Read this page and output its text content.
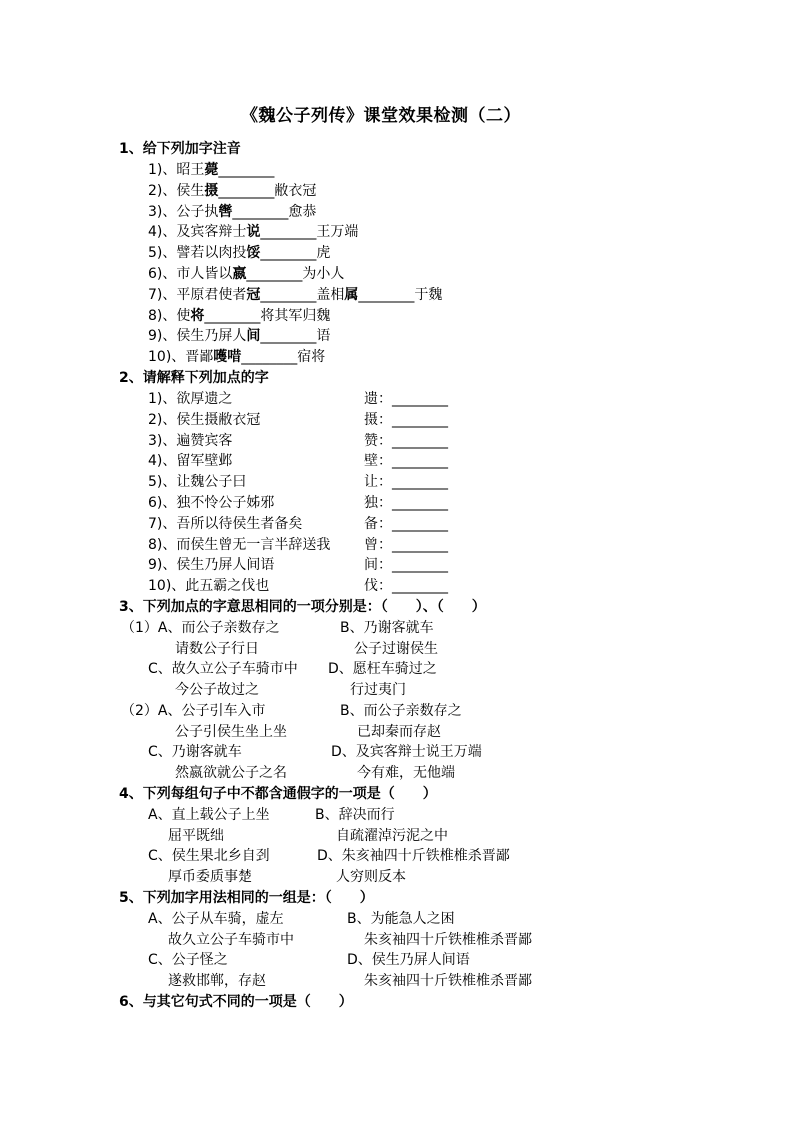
《魏公子列传》课堂效果检测（二）
1、给下列加字注音
1)、昭王薨________
2)、侯生摄________敝衣冠
3)、公子执辔________愈恭
4)、及宾客辩士说________王万端
5)、譬若以肉投馁________虎
6)、市人皆以嬴________为小人
7)、平原君使者冠________盖相属________于魏
8)、使将________将其军归魏
9)、侯生乃屏人间________语
10)、晋鄙嚄唶________宿将
2、请解释下列加点的字
1)、欲厚遗之	遗： ________
2)、侯生摄敝衣冠	摄： ________
3)、遍赞宾客	赞： ________
4)、留军壁邺	壁： ________
5)、让魏公子曰	让： ________
6)、独不怜公子姊邪	独： ________
7)、吾所以待侯生者备矣	备： ________
8)、而侯生曾无一言半辞送我 曾： ________
9)、侯生乃屏人间语	间： ________
10)、此五霸之伐也	伐： ________
3、下列加点的字意思相同的一项分别是：（　　）、（　　）
（1）A、而公子亲数存之	B、乃谢客就车
请数公子行日	公子过谢侯生
C、故久立公子车骑市中 D、愿枉车骑过之
今公子故过之	行过夷门
（2）A、公子引车入市	B、而公子亲数存之
公子引侯生坐上坐	已却秦而存赵
C、乃谢客就车	D、及宾客辩士说王万端
然嬴欲就公子之名	今有难，无他端
4、下列每组句子中不都含通假字的一项是（　　）
A、直上载公子上坐	B、辞决而行
屈平既绌	自疏濯淖污泥之中
C、侯生果北乡自刭	D、朱亥袖四十斤铁椎椎杀晋鄙
厚币委质事楚	人穷则反本
5、下列加字用法相同的一组是：（　　）
A、公子从车骑，虚左	B、为能急人之困
故久立公子车骑市中	朱亥袖四十斤铁椎椎杀晋鄙
C、公子怪之	D、侯生乃屏人间语
遂救邯郸，存赵	朱亥袖四十斤铁椎椎杀晋鄙
6、与其它句式不同的一项是（　　）
